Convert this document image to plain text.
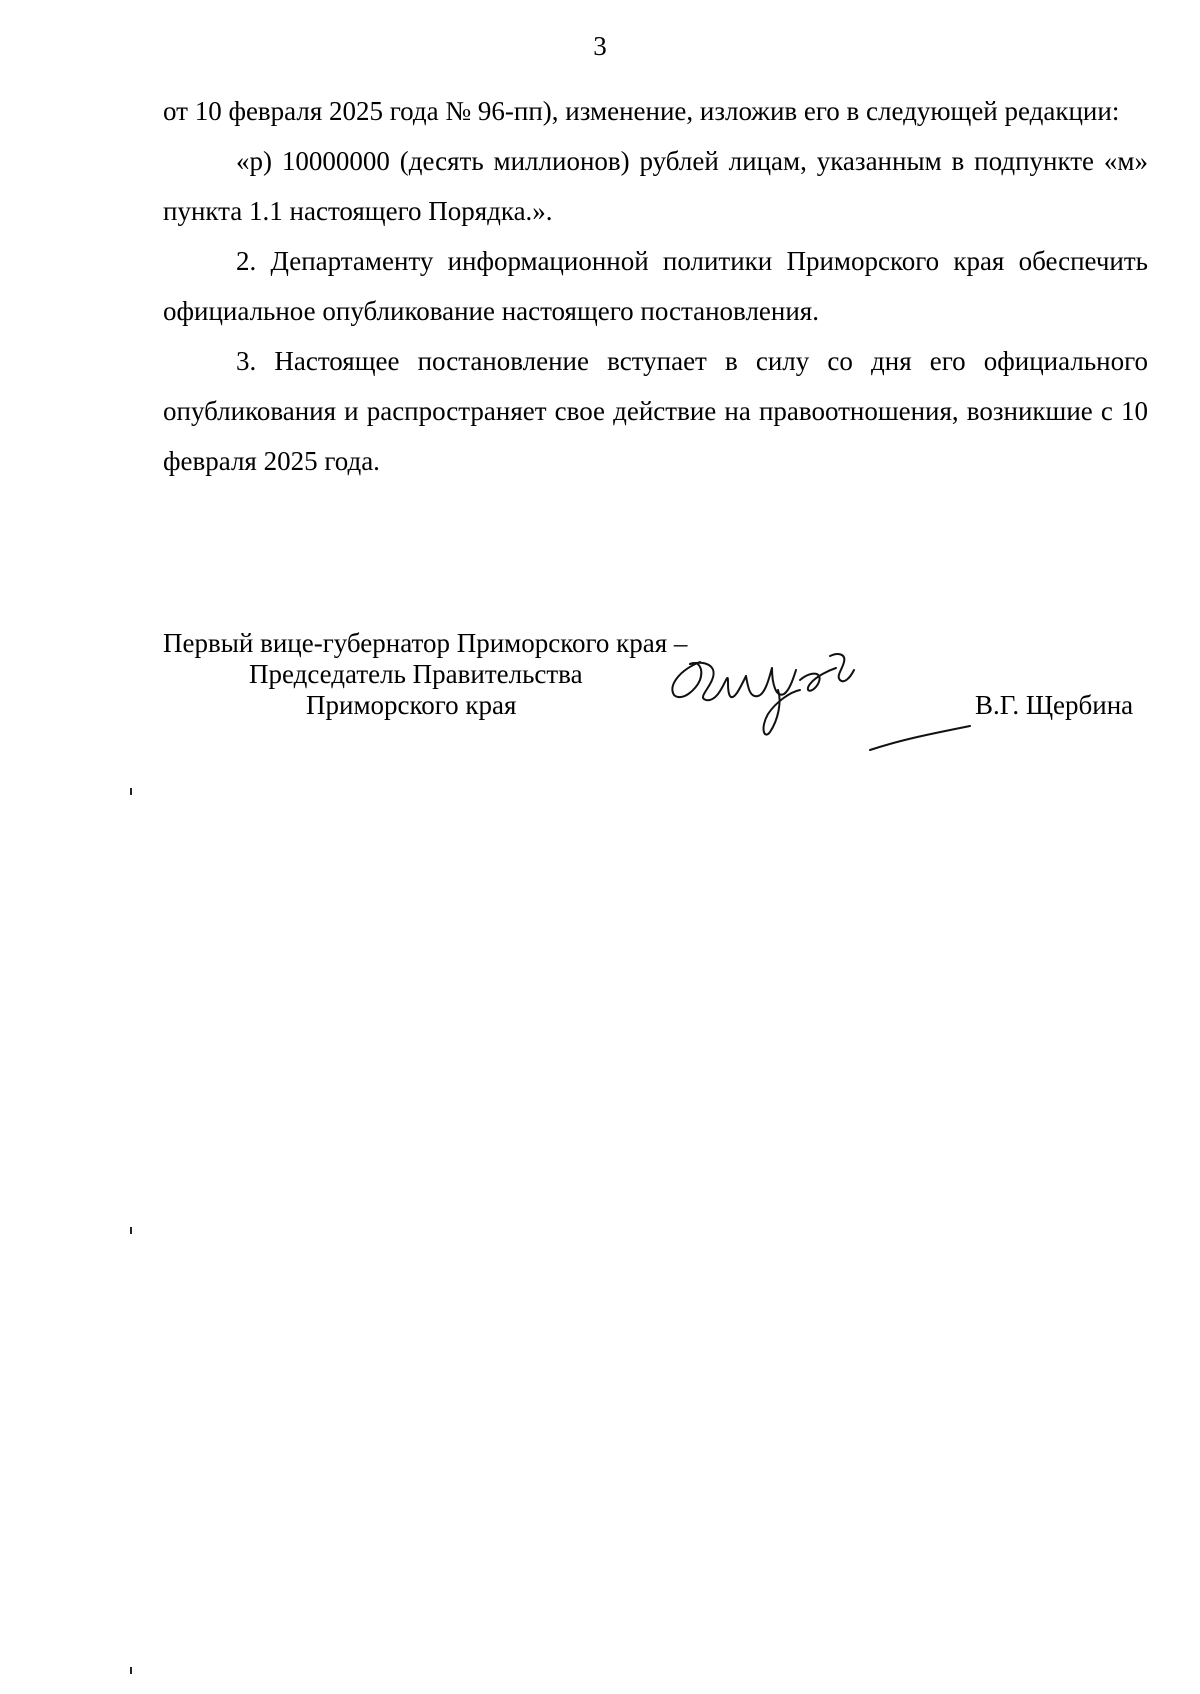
3

от 10 февраля 2025 года № 96-пп), изменение, изложив его в следующей редакции:

«р) 10000000 (десять миллионов) рублей лицам, указанным в подпункте «м» пункта 1.1 настоящего Порядка.».

2. Департаменту информационной политики Приморского края обеспечить официальное опубликование настоящего постановления.

3. Настоящее постановление вступает в силу со дня его официального опубликования и распространяет свое действие на правоотношения, возникшие с 10 февраля 2025 года.

Первый вице-губернатор Приморского края –
Председатель Правительства
Приморского края	В.Г. Щербина
